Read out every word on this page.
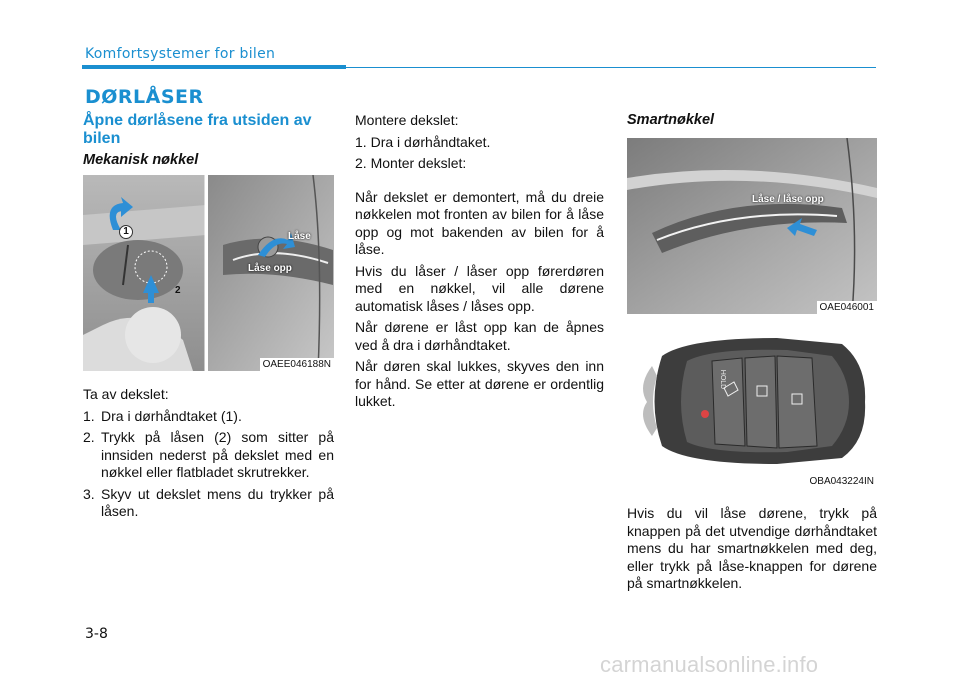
Komfortsystemer for bilen
DØRLÅSER
Åpne dørlåsene fra utsiden av bilen
Mekanisk nøkkel
Låse
Låse opp
1
2
OAEE046188N

Ta av dekslet:

1. Dra i dørhåndtaket (1).
2. Trykk på låsen (2) som sitter på innsiden nederst på dekslet med en nøkkel eller flatbladet skrutrekker.
3. Skyv ut dekslet mens du trykker på låsen.

Montere dekslet:

1. Dra i dørhåndtaket.

2. Monter dekslet:

Når dekslet er demontert, må du dreie nøkkelen mot fronten av bilen for å låse opp og mot bakenden av bilen for å låse.

Hvis du låser / låser opp førerdøren med en nøkkel, vil alle dørene automatisk låses / låses opp.

Når dørene er låst opp kan de åpnes ved å dra i dørhåndtaket.

Når døren skal lukkes, skyves den inn for hånd. Se etter at dørene er ordentlig lukket.

Smartnøkkel
Låse / låse opp
OAE046001
HOLD
OBA043224IN
Hvis du vil låse dørene, trykk på knappen på det utvendige dørhåndtaket mens du har smartnøkkelen med deg, eller trykk på låse-knappen for dørene på smartnøkkelen.
3-8
carmanualsonline.info
